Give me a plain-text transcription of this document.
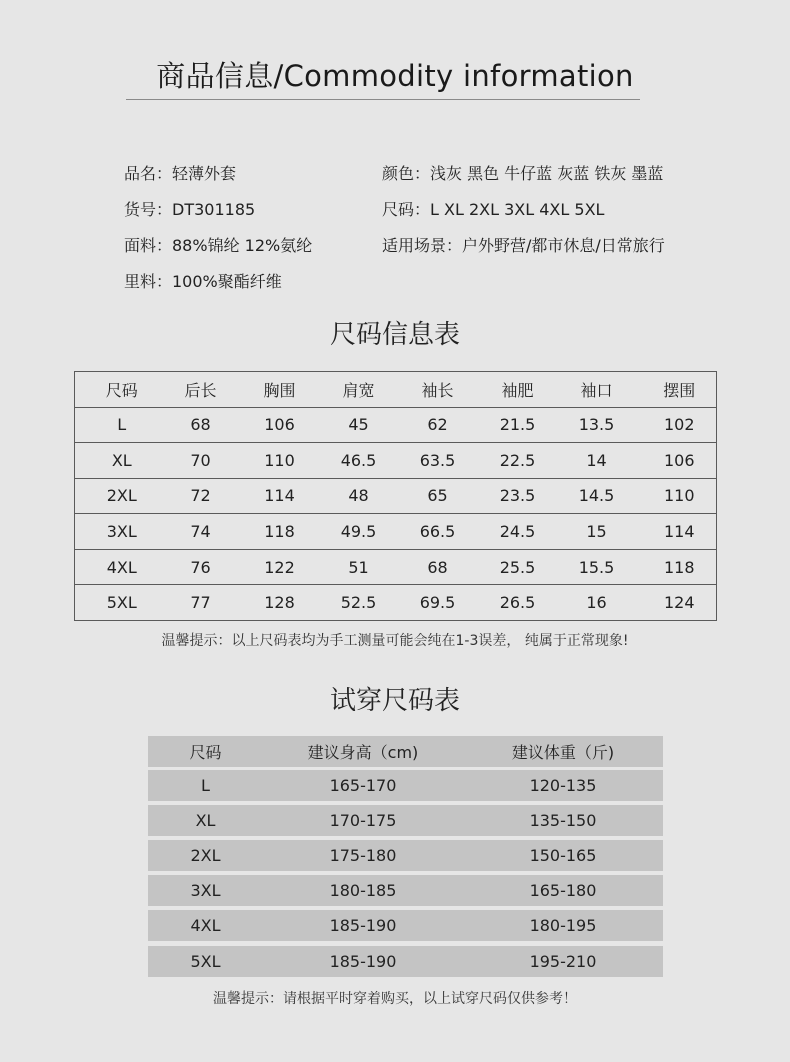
商品信息/Commodity information
品名：轻薄外套	颜色：浅灰 黑色 牛仔蓝 灰蓝 铁灰 墨蓝
货号：DT301185	尺码：L XL 2XL 3XL 4XL 5XL
面料：88%锦纶 12%氨纶	适用场景：户外野营/都市休息/日常旅行
里料：100%聚酯纤维
尺码信息表
尺码	后长	胸围	肩宽	袖长	袖肥	袖口	摆围
L	68	106	45	62	21.5	13.5	102
XL	70	110	46.5	63.5	22.5	14	106
2XL	72	114	48	65	23.5	14.5	110
3XL	74	118	49.5	66.5	24.5	15	114
4XL	76	122	51	68	25.5	15.5	118
5XL	77	128	52.5	69.5	26.5	16	124
温馨提示：以上尺码表均为手工测量可能会纯在1-3误差， 纯属于正常现象!
试穿尺码表
尺码	建议身高（cm)	建议体重（斤)
L	165-170	120-135
XL	170-175	135-150
2XL	175-180	150-165
3XL	180-185	165-180
4XL	185-190	180-195
5XL	185-190	195-210
温馨提示：请根据平时穿着购买，以上试穿尺码仅供参考！
